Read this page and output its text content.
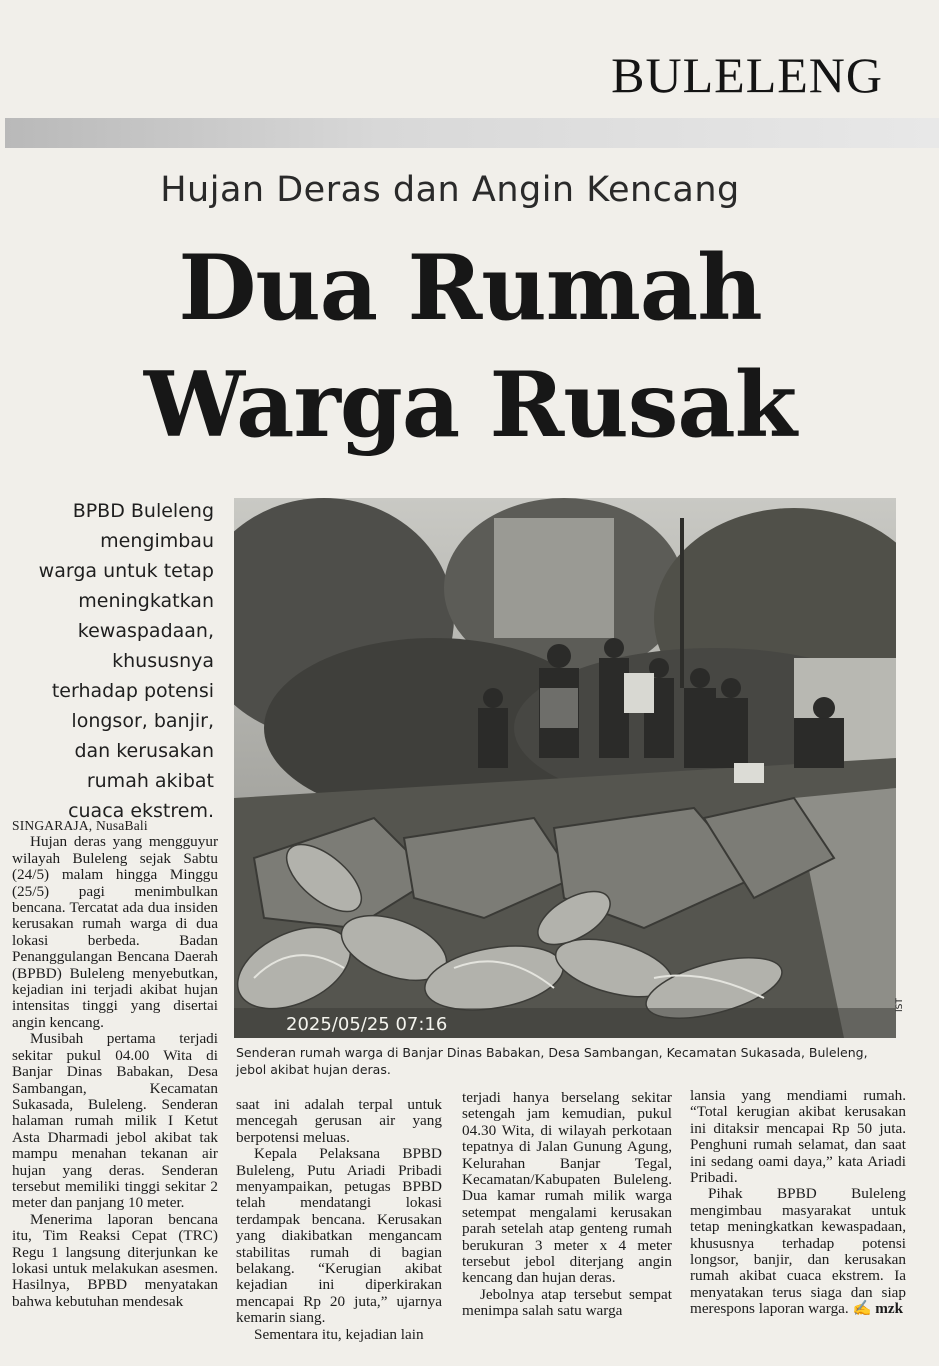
BULELENG
Hujan Deras dan Angin Kencang
Dua Rumah
Warga Rusak
BPBD Buleleng
mengimbau
warga untuk tetap
meningkatkan
kewaspadaan,
khususnya
terhadap potensi
longsor, banjir,
dan kerusakan
rumah akibat
cuaca ekstrem.
2025/05/25 07:16
IST
Senderan rumah warga di Banjar Dinas Babakan, Desa Sambangan, Kecamatan Sukasada, Buleleng, jebol akibat hujan deras.

SINGARAJA, NusaBali

Hujan deras yang mengguyur wilayah Buleleng sejak Sabtu (24/5) malam hingga Minggu (25/5) pagi menimbulkan bencana. Tercatat ada dua insiden kerusakan rumah warga di dua lokasi berbeda. Badan Penanggulangan Bencana Daerah (BPBD) Buleleng menyebutkan, kejadian ini terjadi akibat hujan intensitas tinggi yang disertai angin kencang.

Musibah pertama terjadi sekitar pukul 04.00 Wita di Banjar Dinas Babakan, Desa Sambangan, Kecamatan Sukasada, Buleleng. Senderan halaman rumah milik I Ketut Asta Dharmadi jebol akibat tak mampu menahan tekanan air hujan yang deras. Senderan tersebut memiliki tinggi sekitar 2 meter dan panjang 10 meter.

Menerima laporan bencana itu, Tim Reaksi Cepat (TRC) Regu 1 langsung diterjunkan ke lokasi untuk melakukan asesmen. Hasilnya, BPBD menyatakan bahwa kebutuhan mendesak

saat ini adalah terpal untuk mencegah gerusan air yang berpotensi meluas.

Kepala Pelaksana BPBD Buleleng, Putu Ariadi Pribadi menyampaikan, petugas BPBD telah mendatangi lokasi terdampak bencana. Kerusakan yang diakibatkan mengancam stabilitas rumah di bagian belakang. “Kerugian akibat kejadian ini diperkirakan mencapai Rp 20 juta,” ujarnya kemarin siang.

Sementara itu, kejadian lain

terjadi hanya berselang sekitar setengah jam kemudian, pukul 04.30 Wita, di wilayah perkotaan tepatnya di Jalan Gunung Agung, Kelurahan Banjar Tegal, Kecamatan/Kabupaten Buleleng. Dua kamar rumah milik warga setempat mengalami kerusakan parah setelah atap genteng rumah berukuran 3 meter x 4 meter tersebut jebol diterjang angin kencang dan hujan deras.

Jebolnya atap tersebut sempat menimpa salah satu warga

lansia yang mendiami rumah. “Total kerugian akibat kerusakan ini ditaksir mencapai Rp 50 juta. Penghuni rumah selamat, dan saat ini sedang oami daya,” kata Ariadi Pribadi.

Pihak BPBD Buleleng mengimbau masyarakat untuk tetap meningkatkan kewaspadaan, khususnya terhadap potensi longsor, banjir, dan kerusakan rumah akibat cuaca ekstrem. Ia menyatakan terus siaga dan siap merespons laporan warga. ✍ mzk
